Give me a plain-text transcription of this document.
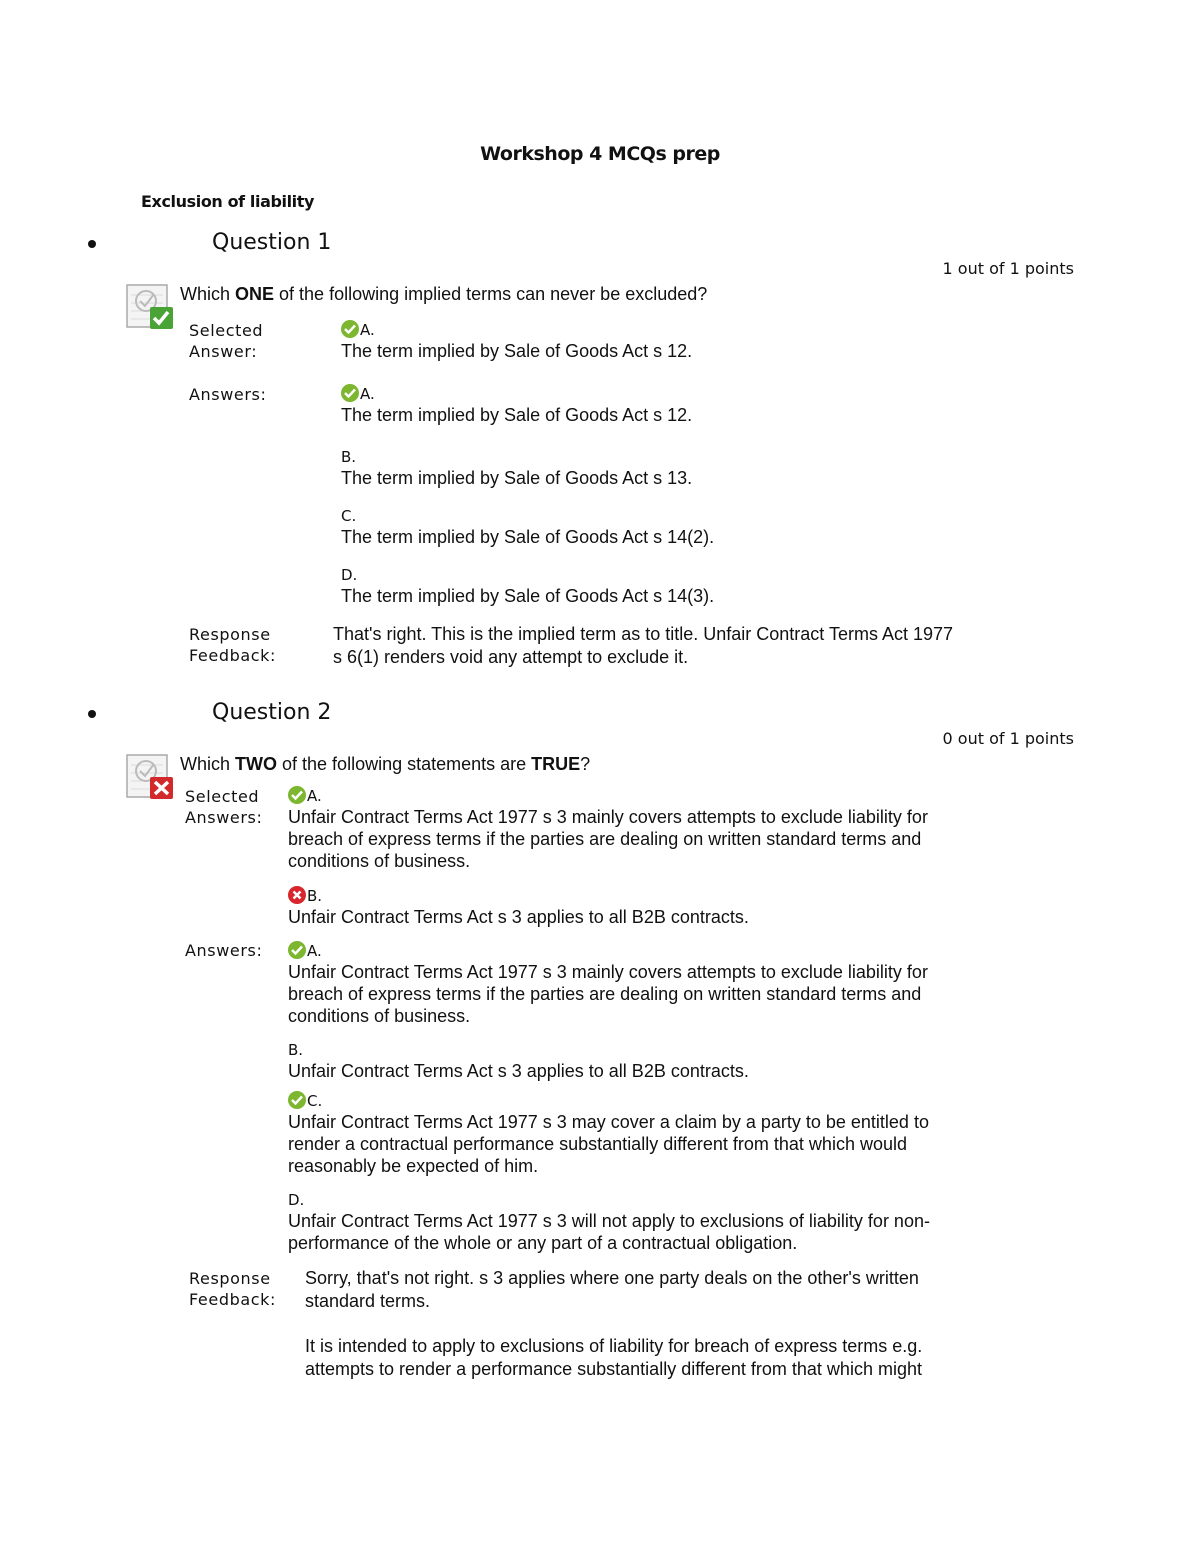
Workshop 4 MCQs prep
Exclusion of liability
Question 1
1 out of 1 points
Which ONE of the following implied terms can never be excluded?
Selected
Answer:
A.
The term implied by Sale of Goods Act s 12.
Answers:	A.
The term implied by Sale of Goods Act s 12.
B.
The term implied by Sale of Goods Act s 13.
C.
The term implied by Sale of Goods Act s 14(2).
D.
The term implied by Sale of Goods Act s 14(3).
Response
Feedback:
That's right. This is the implied term as to title. Unfair Contract Terms Act 1977
s 6(1) renders void any attempt to exclude it.
Question 2
0 out of 1 points
Which TWO of the following statements are TRUE?
Selected
Answers:
A.
Unfair Contract Terms Act 1977 s 3 mainly covers attempts to exclude liability for
breach of express terms if the parties are dealing on written standard terms and
conditions of business.
B.
Unfair Contract Terms Act s 3 applies to all B2B contracts.
Answers:	A.
Unfair Contract Terms Act 1977 s 3 mainly covers attempts to exclude liability for
breach of express terms if the parties are dealing on written standard terms and
conditions of business.
B.
Unfair Contract Terms Act s 3 applies to all B2B contracts.
C.
Unfair Contract Terms Act 1977 s 3 may cover a claim by a party to be entitled to
render a contractual performance substantially different from that which would
reasonably be expected of him.
D.
Unfair Contract Terms Act 1977 s 3 will not apply to exclusions of liability for non-
performance of the whole or any part of a contractual obligation.
Response
Feedback:
Sorry, that's not right. s 3 applies where one party deals on the other's written
standard terms.
It is intended to apply to exclusions of liability for breach of express terms e.g.
attempts to render a performance substantially different from that which might
